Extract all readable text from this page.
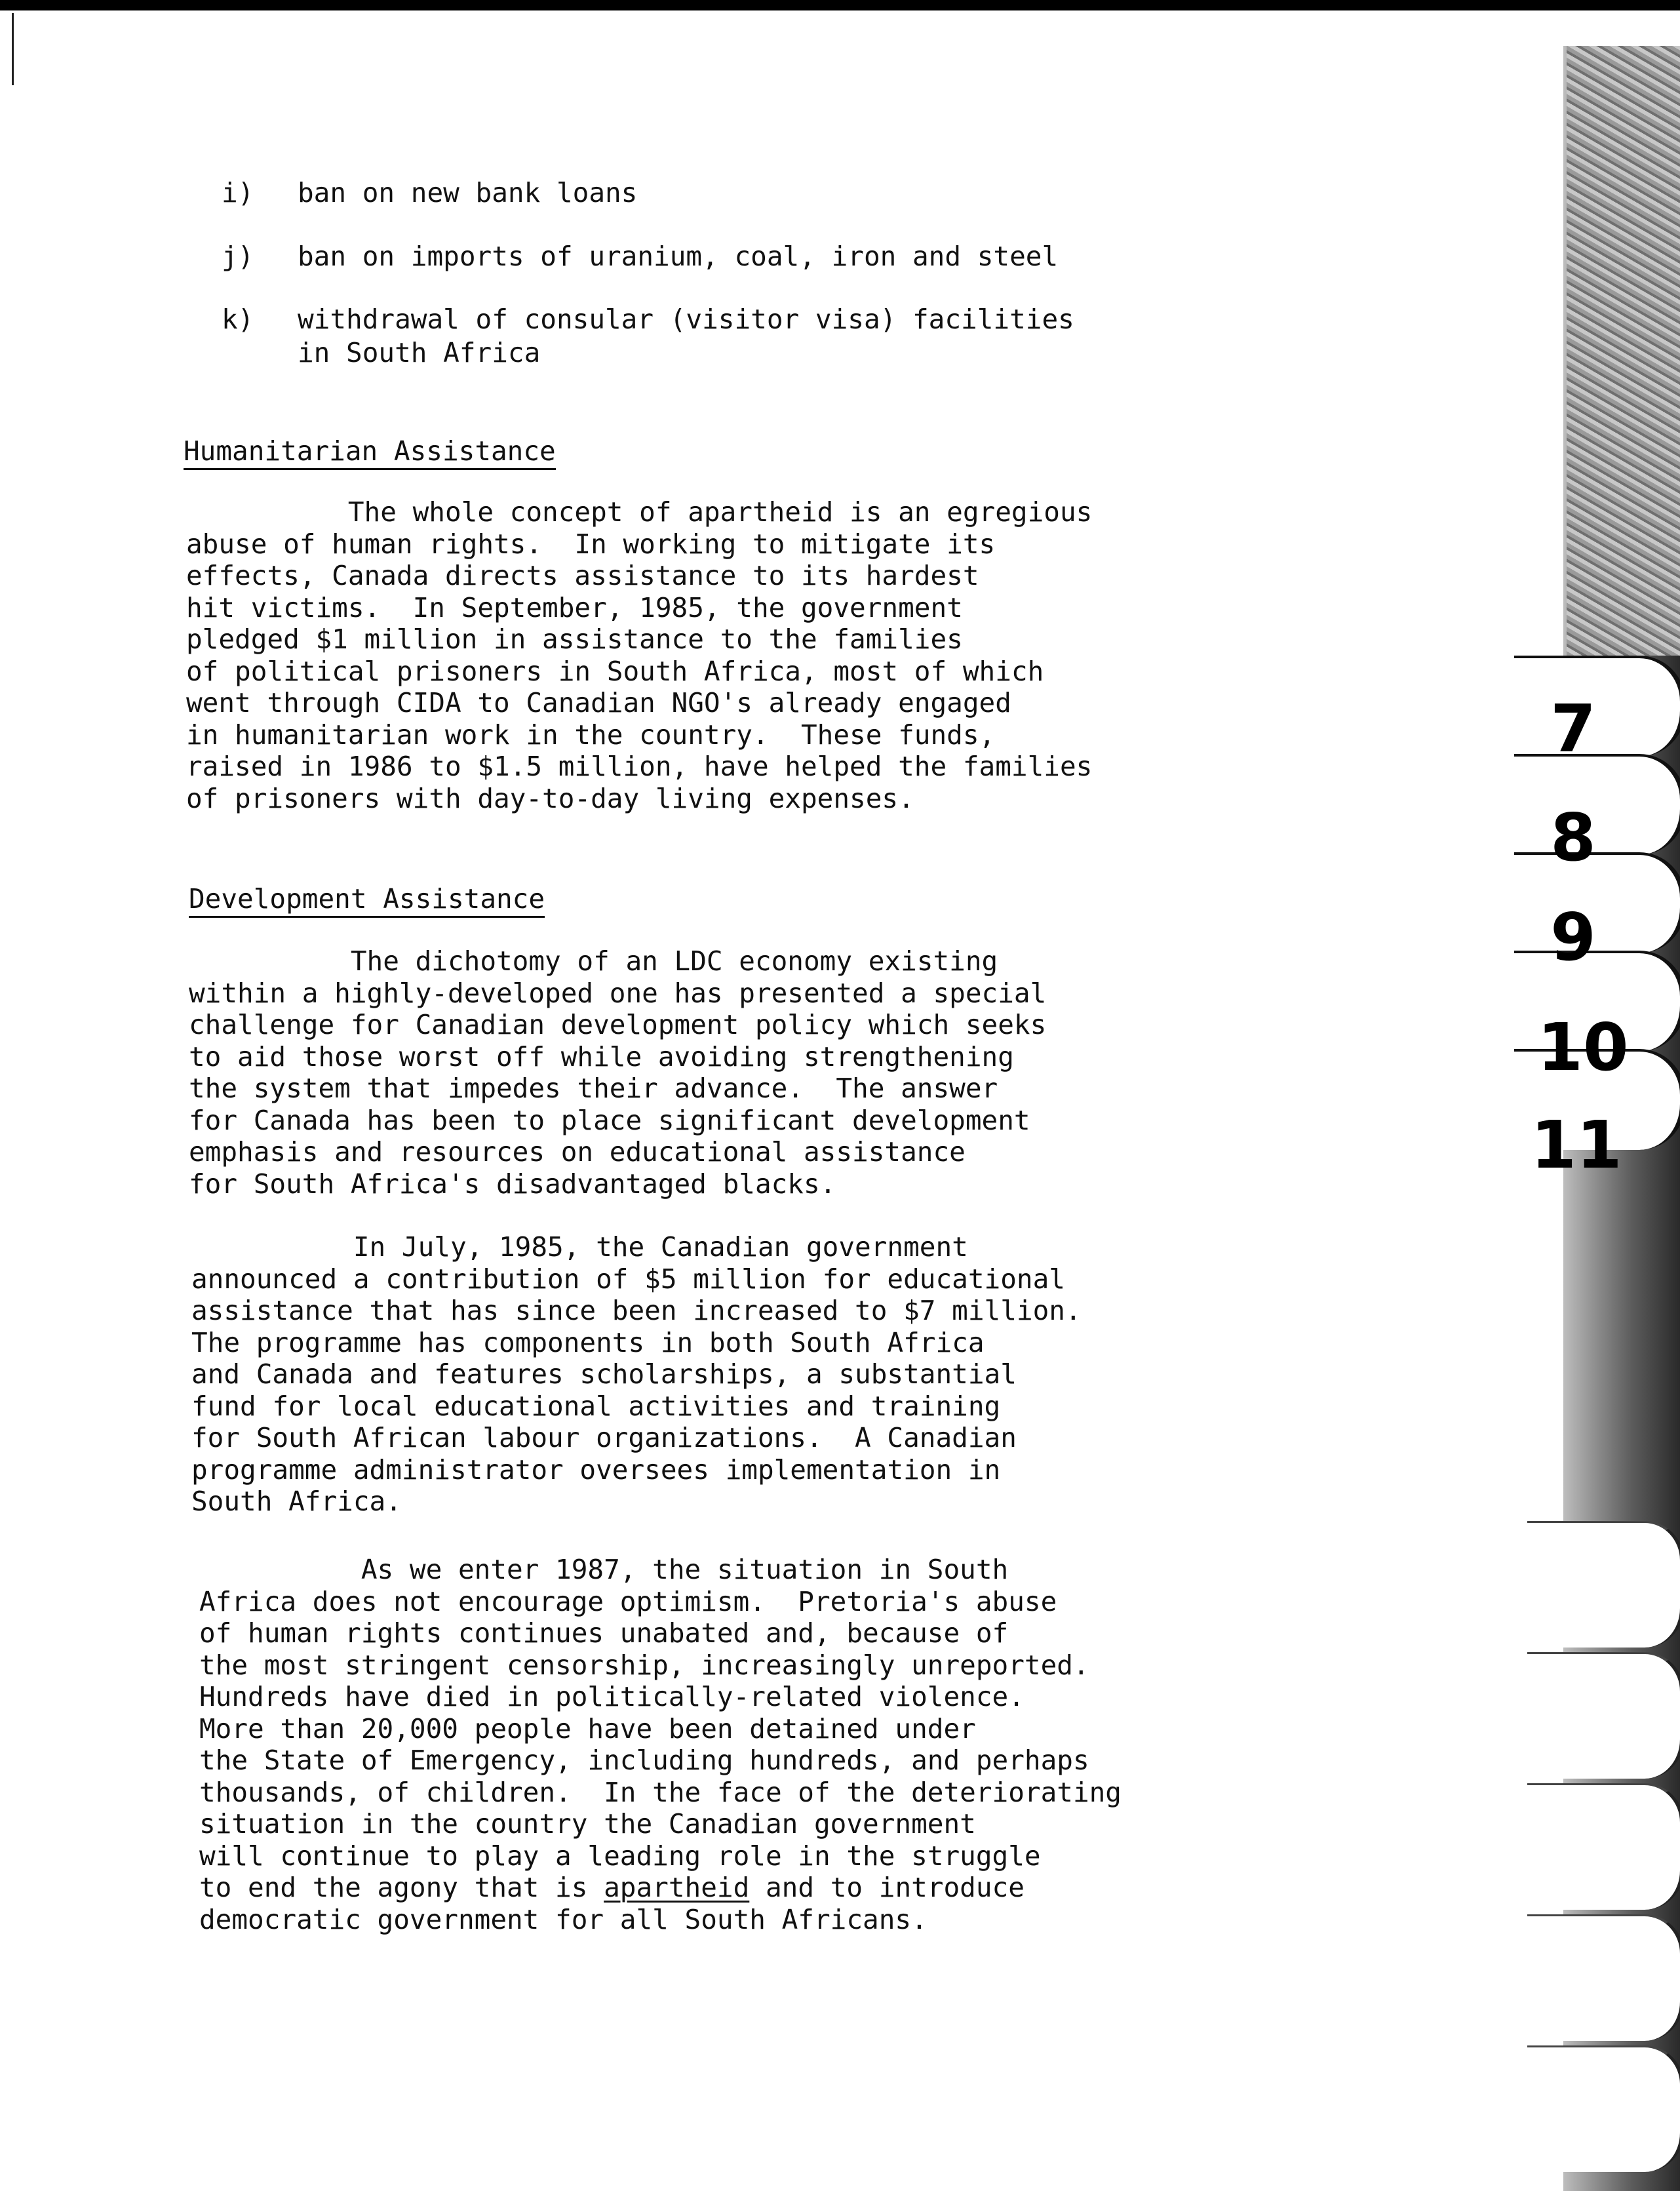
i) ban on new bank loans
j) ban on imports of uranium, coal, iron and steel
k) withdrawal of consular (visitor visa) facilities
in South Africa
Humanitarian Assistance
The whole concept of apartheid is an egregious
abuse of human rights.  In working to mitigate its
effects, Canada directs assistance to its hardest
hit victims.  In September, 1985, the government
pledged $1 million in assistance to the families
of political prisoners in South Africa, most of which
went through CIDA to Canadian NGO's already engaged
in humanitarian work in the country.  These funds,
raised in 1986 to $1.5 million, have helped the families
of prisoners with day-to-day living expenses.
Development Assistance
The dichotomy of an LDC economy existing
within a highly-developed one has presented a special
challenge for Canadian development policy which seeks
to aid those worst off while avoiding strengthening
the system that impedes their advance.  The answer
for Canada has been to place significant development
emphasis and resources on educational assistance
for South Africa's disadvantaged blacks.
In July, 1985, the Canadian government
announced a contribution of $5 million for educational
assistance that has since been increased to $7 million.
The programme has components in both South Africa
and Canada and features scholarships, a substantial
fund for local educational activities and training
for South African labour organizations.  A Canadian
programme administrator oversees implementation in
South Africa.
As we enter 1987, the situation in South
Africa does not encourage optimism.  Pretoria's abuse
of human rights continues unabated and, because of
the most stringent censorship, increasingly unreported.
Hundreds have died in politically-related violence.
More than 20,000 people have been detained under
the State of Emergency, including hundreds, and perhaps
thousands, of children.  In the face of the deteriorating
situation in the country the Canadian government
will continue to play a leading role in the struggle
to end the agony that is apartheid and to introduce
democratic government for all South Africans.
7
8
9
10
11
